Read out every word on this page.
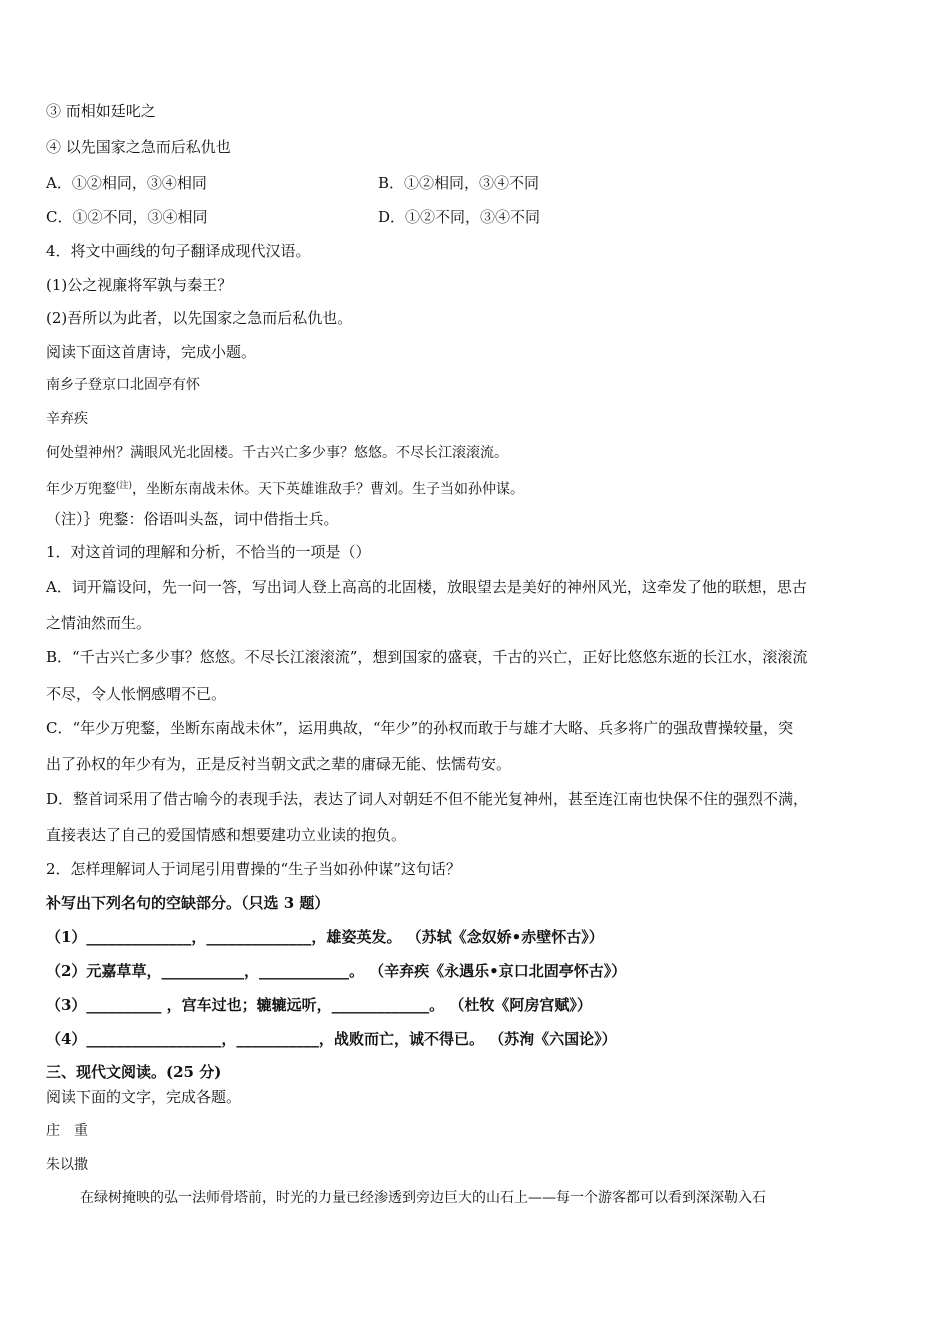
③ 而相如廷叱之
④ 以先国家之急而后私仇也
A．①②相同，③④相同	B．①②相同，③④不同
C．①②不同，③④相同	D．①②不同，③④不同
4．将文中画线的句子翻译成现代汉语。
(1)公之视廉将军孰与秦王？
(2)吾所以为此者，以先国家之急而后私仇也。
阅读下面这首唐诗，完成小题。
南乡子登京口北固亭有怀
辛弃疾
何处望神州？满眼风光北固楼。千古兴亡多少事？悠悠。不尽长江滚滚流。
年少万兜鍪$^{(注)}$，坐断东南战未休。天下英雄谁敌手？曹刘。生子当如孙仲谋。
（注）｝兜鍪：俗语叫头盔，词中借指士兵。
1．对这首词的理解和分析，不恰当的一项是（）
A．词开篇设问，先一问一答，写出词人登上高高的北固楼，放眼望去是美好的神州风光，这牵发了他的联想，思古
之情油然而生。
B．“千古兴亡多少事？悠悠。不尽长江滚滚流”，想到国家的盛衰，千古的兴亡，正好比悠悠东逝的长江水，滚滚流
不尽，令人怅惘感喟不已。
C．“年少万兜鍪，坐断东南战未休”，运用典故，“年少”的孙权而敢于与雄才大略、兵多将广的强敌曹操较量，突
出了孙权的年少有为，正是反衬当朝文武之辈的庸碌无能、怯懦苟安。
D．整首词采用了借古喻今的表现手法，表达了词人对朝廷不但不能光复神州，甚至连江南也快保不住的强烈不满，
直接表达了自己的爱国情感和想要建功立业读的抱负。
2．怎样理解词人于词尾引用曹操的“生子当如孙仲谋”这句话？
补写出下列名句的空缺部分。（只选 3 题）
（1）______________，______________，雄姿英发。 （苏轼《念奴娇•赤壁怀古》）
（2）元嘉草草，___________，____________。 （辛弃疾《永遇乐•京口北固亭怀古》）
（3）__________ ，宫车过也；辘辘远听，_____________。 （杜牧《阿房宫赋》）
（4）__________________，___________，战败而亡，诚不得已。 （苏洵《六国论》）
三、现代文阅读。(25 分)
阅读下面的文字，完成各题。
庄　重
朱以撒
在绿树掩映的弘一法师骨塔前，时光的力量已经渗透到旁边巨大的山石上——每一个游客都可以看到深深勒入石
